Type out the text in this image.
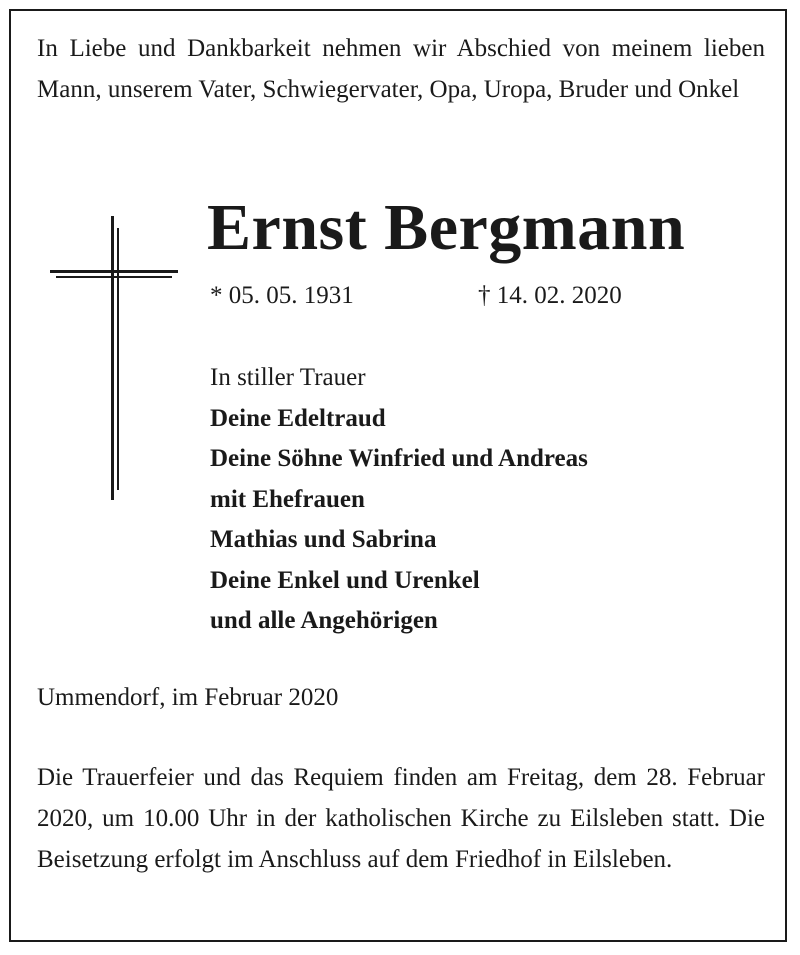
In Liebe und Dankbarkeit nehmen wir Abschied von meinem lieben Mann, unserem Vater, Schwiegervater, Opa, Uropa, Bruder und Onkel
Ernst Bergmann
* 05. 05. 1931	† 14. 02. 2020
In stiller Trauer
Deine Edeltraud
Deine Söhne Winfried und Andreas
mit Ehefrauen
Mathias und Sabrina
Deine Enkel und Urenkel
und alle Angehörigen
Ummendorf, im Februar 2020
Die Trauerfeier und das Requiem finden am Freitag, dem 28. Februar 2020, um 10.00 Uhr in der katholischen Kirche zu Eilsleben statt. Die Beisetzung erfolgt im Anschluss auf dem Friedhof in Eilsleben.
